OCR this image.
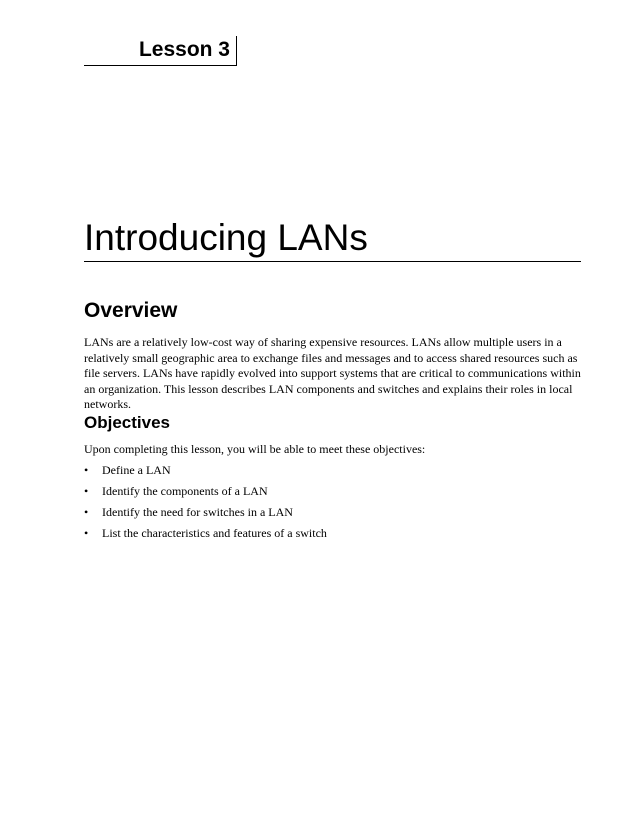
Lesson 3
Introducing LANs
Overview

LANs are a relatively low-cost way of sharing expensive resources. LANs allow multiple users in a relatively small geographic area to exchange files and messages and to access shared resources such as file servers. LANs have rapidly evolved into support systems that are critical to communications within an organization. This lesson describes LAN components and switches and explains their roles in local networks.

Objectives

Upon completing this lesson, you will be able to meet these objectives:

•	Define a LAN
•	Identify the components of a LAN
•	Identify the need for switches in a LAN
•	List the characteristics and features of a switch
